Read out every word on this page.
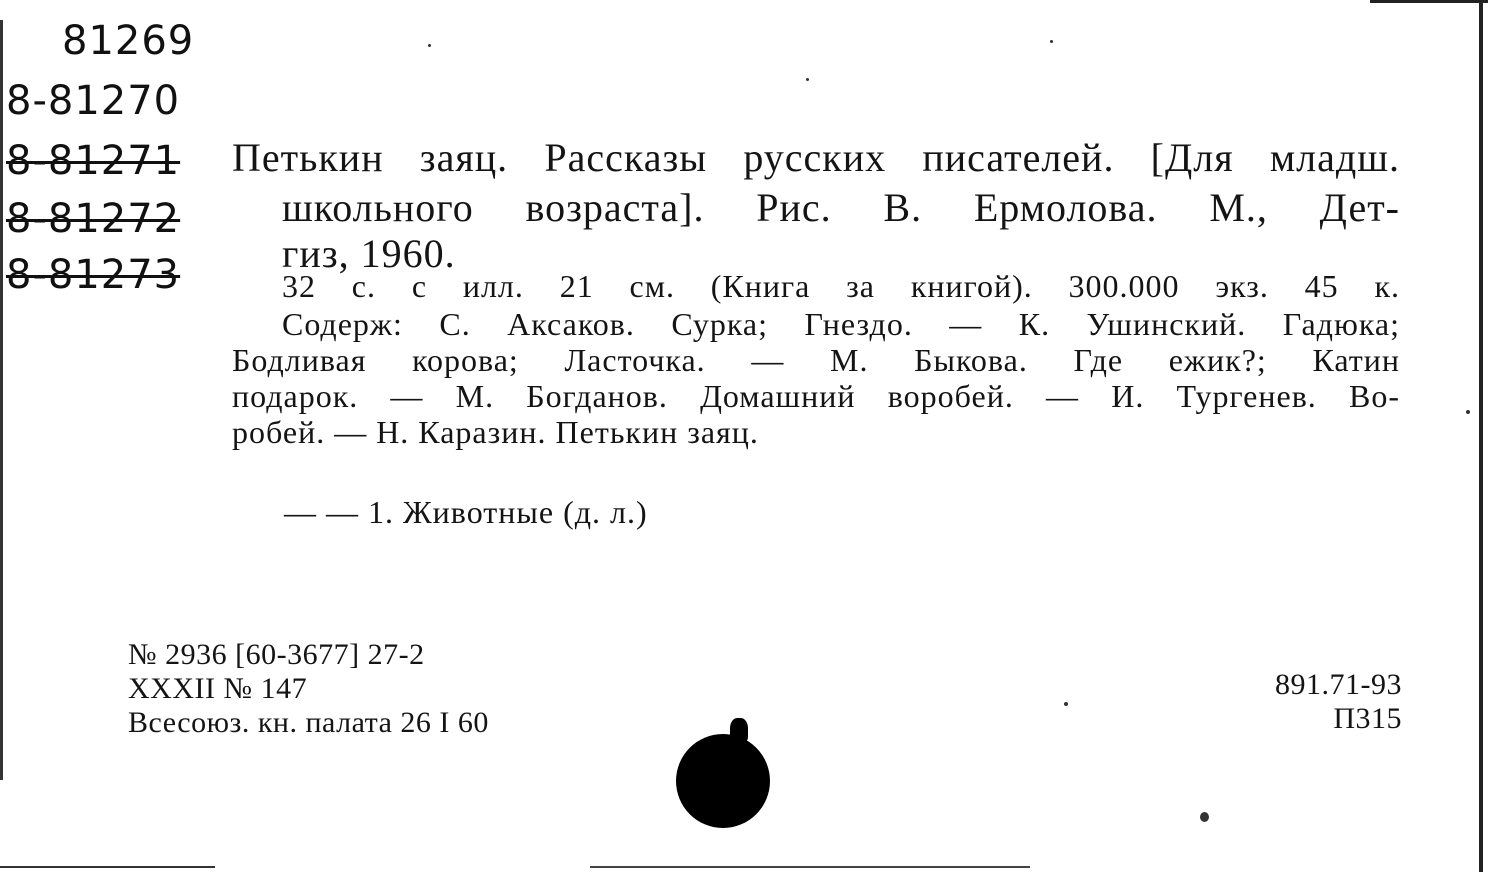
81269
8-81270
8-81271
8-81272
8-81273
Петькин заяц. Рассказы русских писателей. [Для младш.
школьного возраста]. Рис. В. Ермолова. М., Дет-
гиз, 1960.
32 с. с илл. 21 см. (Книга за книгой). 300.000 экз. 45 к.
Содерж: С. Аксаков. Сурка; Гнездо. — К. Ушинский. Гадюка;
Бодливая корова; Ласточка. — М. Быкова. Где ежик?; Катин
подарок. — М. Богданов. Домашний воробей. — И. Тургенев. Во-
робей. — Н. Каразин. Петькин заяц.
— — 1. Животные (д. л.)
№ 2936 [60-3677] 27-2
XXXII № 147
Всесоюз. кн. палата 26 I 60
891.71-93
П315
